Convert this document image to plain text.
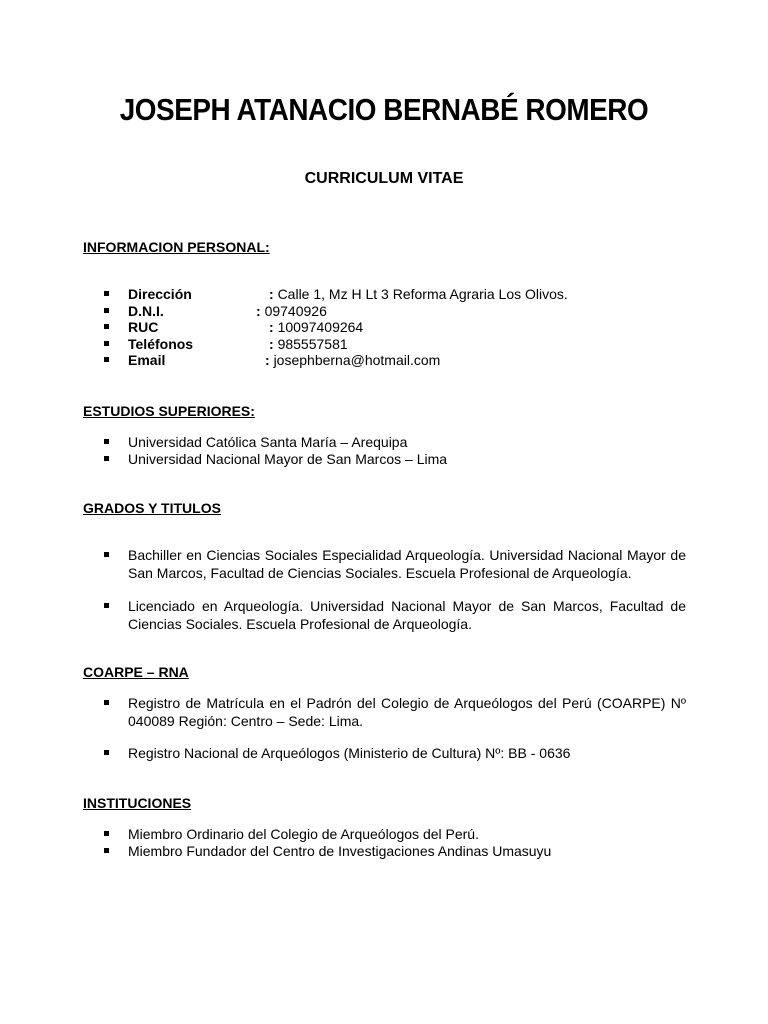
JOSEPH ATANACIO BERNABÉ ROMERO
CURRICULUM VITAE
INFORMACION PERSONAL:
Dirección	: Calle 1, Mz H Lt 3 Reforma Agraria Los Olivos.
D.N.I.	: 09740926
RUC	: 10097409264
Teléfonos	: 985557581
Email	: josephberna@hotmail.com
ESTUDIOS SUPERIORES:
Universidad Católica Santa María – Arequipa
Universidad Nacional Mayor de San Marcos – Lima
GRADOS Y TITULOS
Bachiller en Ciencias Sociales Especialidad Arqueología. Universidad Nacional Mayor de San Marcos, Facultad de Ciencias Sociales. Escuela Profesional de Arqueología.
Licenciado en Arqueología. Universidad Nacional Mayor de San Marcos, Facultad de Ciencias Sociales. Escuela Profesional de Arqueología.
COARPE – RNA
Registro de Matrícula en el Padrón del Colegio de Arqueólogos del Perú (COARPE) Nº 040089 Región: Centro – Sede: Lima.
Registro Nacional de Arqueólogos (Ministerio de Cultura) Nº: BB - 0636
INSTITUCIONES
Miembro Ordinario del Colegio de Arqueólogos del Perú.
Miembro Fundador del Centro de Investigaciones Andinas Umasuyu
